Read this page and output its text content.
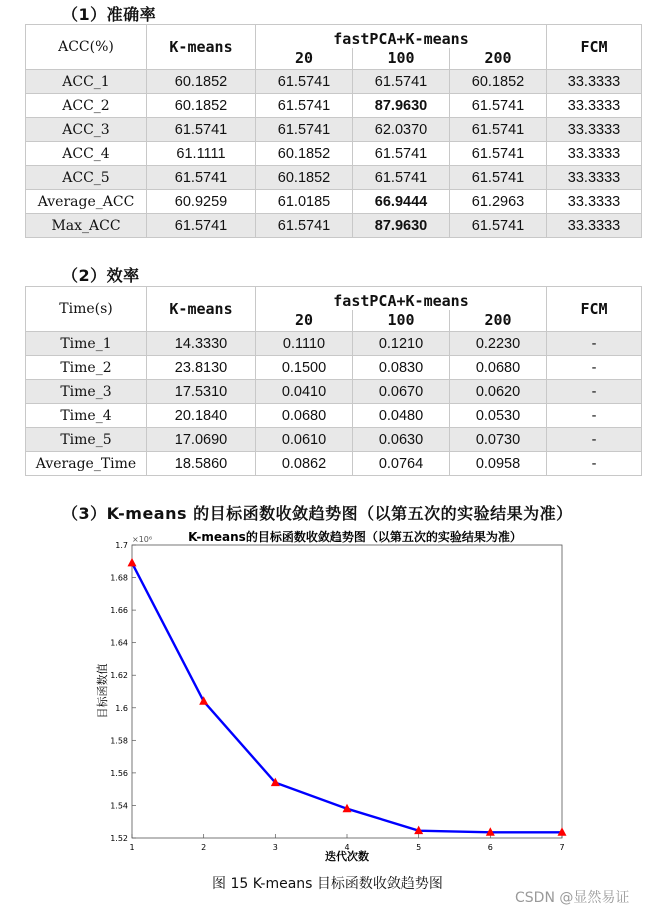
（1）准确率
ACC(%)	K-means	fastPCA+K-means			FCM
		20	100	200	
ACC_1	60.1852	61.5741	61.5741	60.1852	33.3333
ACC_2	60.1852	61.5741	87.9630	61.5741	33.3333
ACC_3	61.5741	61.5741	62.0370	61.5741	33.3333
ACC_4	61.1111	60.1852	61.5741	61.5741	33.3333
ACC_5	61.5741	60.1852	61.5741	61.5741	33.3333
Average_ACC	60.9259	61.0185	66.9444	61.2963	33.3333
Max_ACC	61.5741	61.5741	87.9630	61.5741	33.3333
（2）效率
Time(s)	K-means	fastPCA+K-means			FCM
		20	100	200	
Time_1	14.3330	0.1110	0.1210	0.2230	-
Time_2	23.8130	0.1500	0.0830	0.0680	-
Time_3	17.5310	0.0410	0.0670	0.0620	-
Time_4	20.1840	0.0680	0.0480	0.0530	-
Time_5	17.0690	0.0610	0.0630	0.0730	-
Average_Time	18.5860	0.0862	0.0764	0.0958	-
（3）K-means 的目标函数收敛趋势图（以第五次的实验结果为准）
K-means的目标函数收敛趋势图（以第五次的实验结果为准）
×10⁶
1.52
1.54
1.56
1.58
1.6
1.62
1.64
1.66
1.68
1.7
1	2	3	4	5	6	7
迭代次数
目标函数值
图 15 K-means 目标函数收敛趋势图
CSDN @显然易证
